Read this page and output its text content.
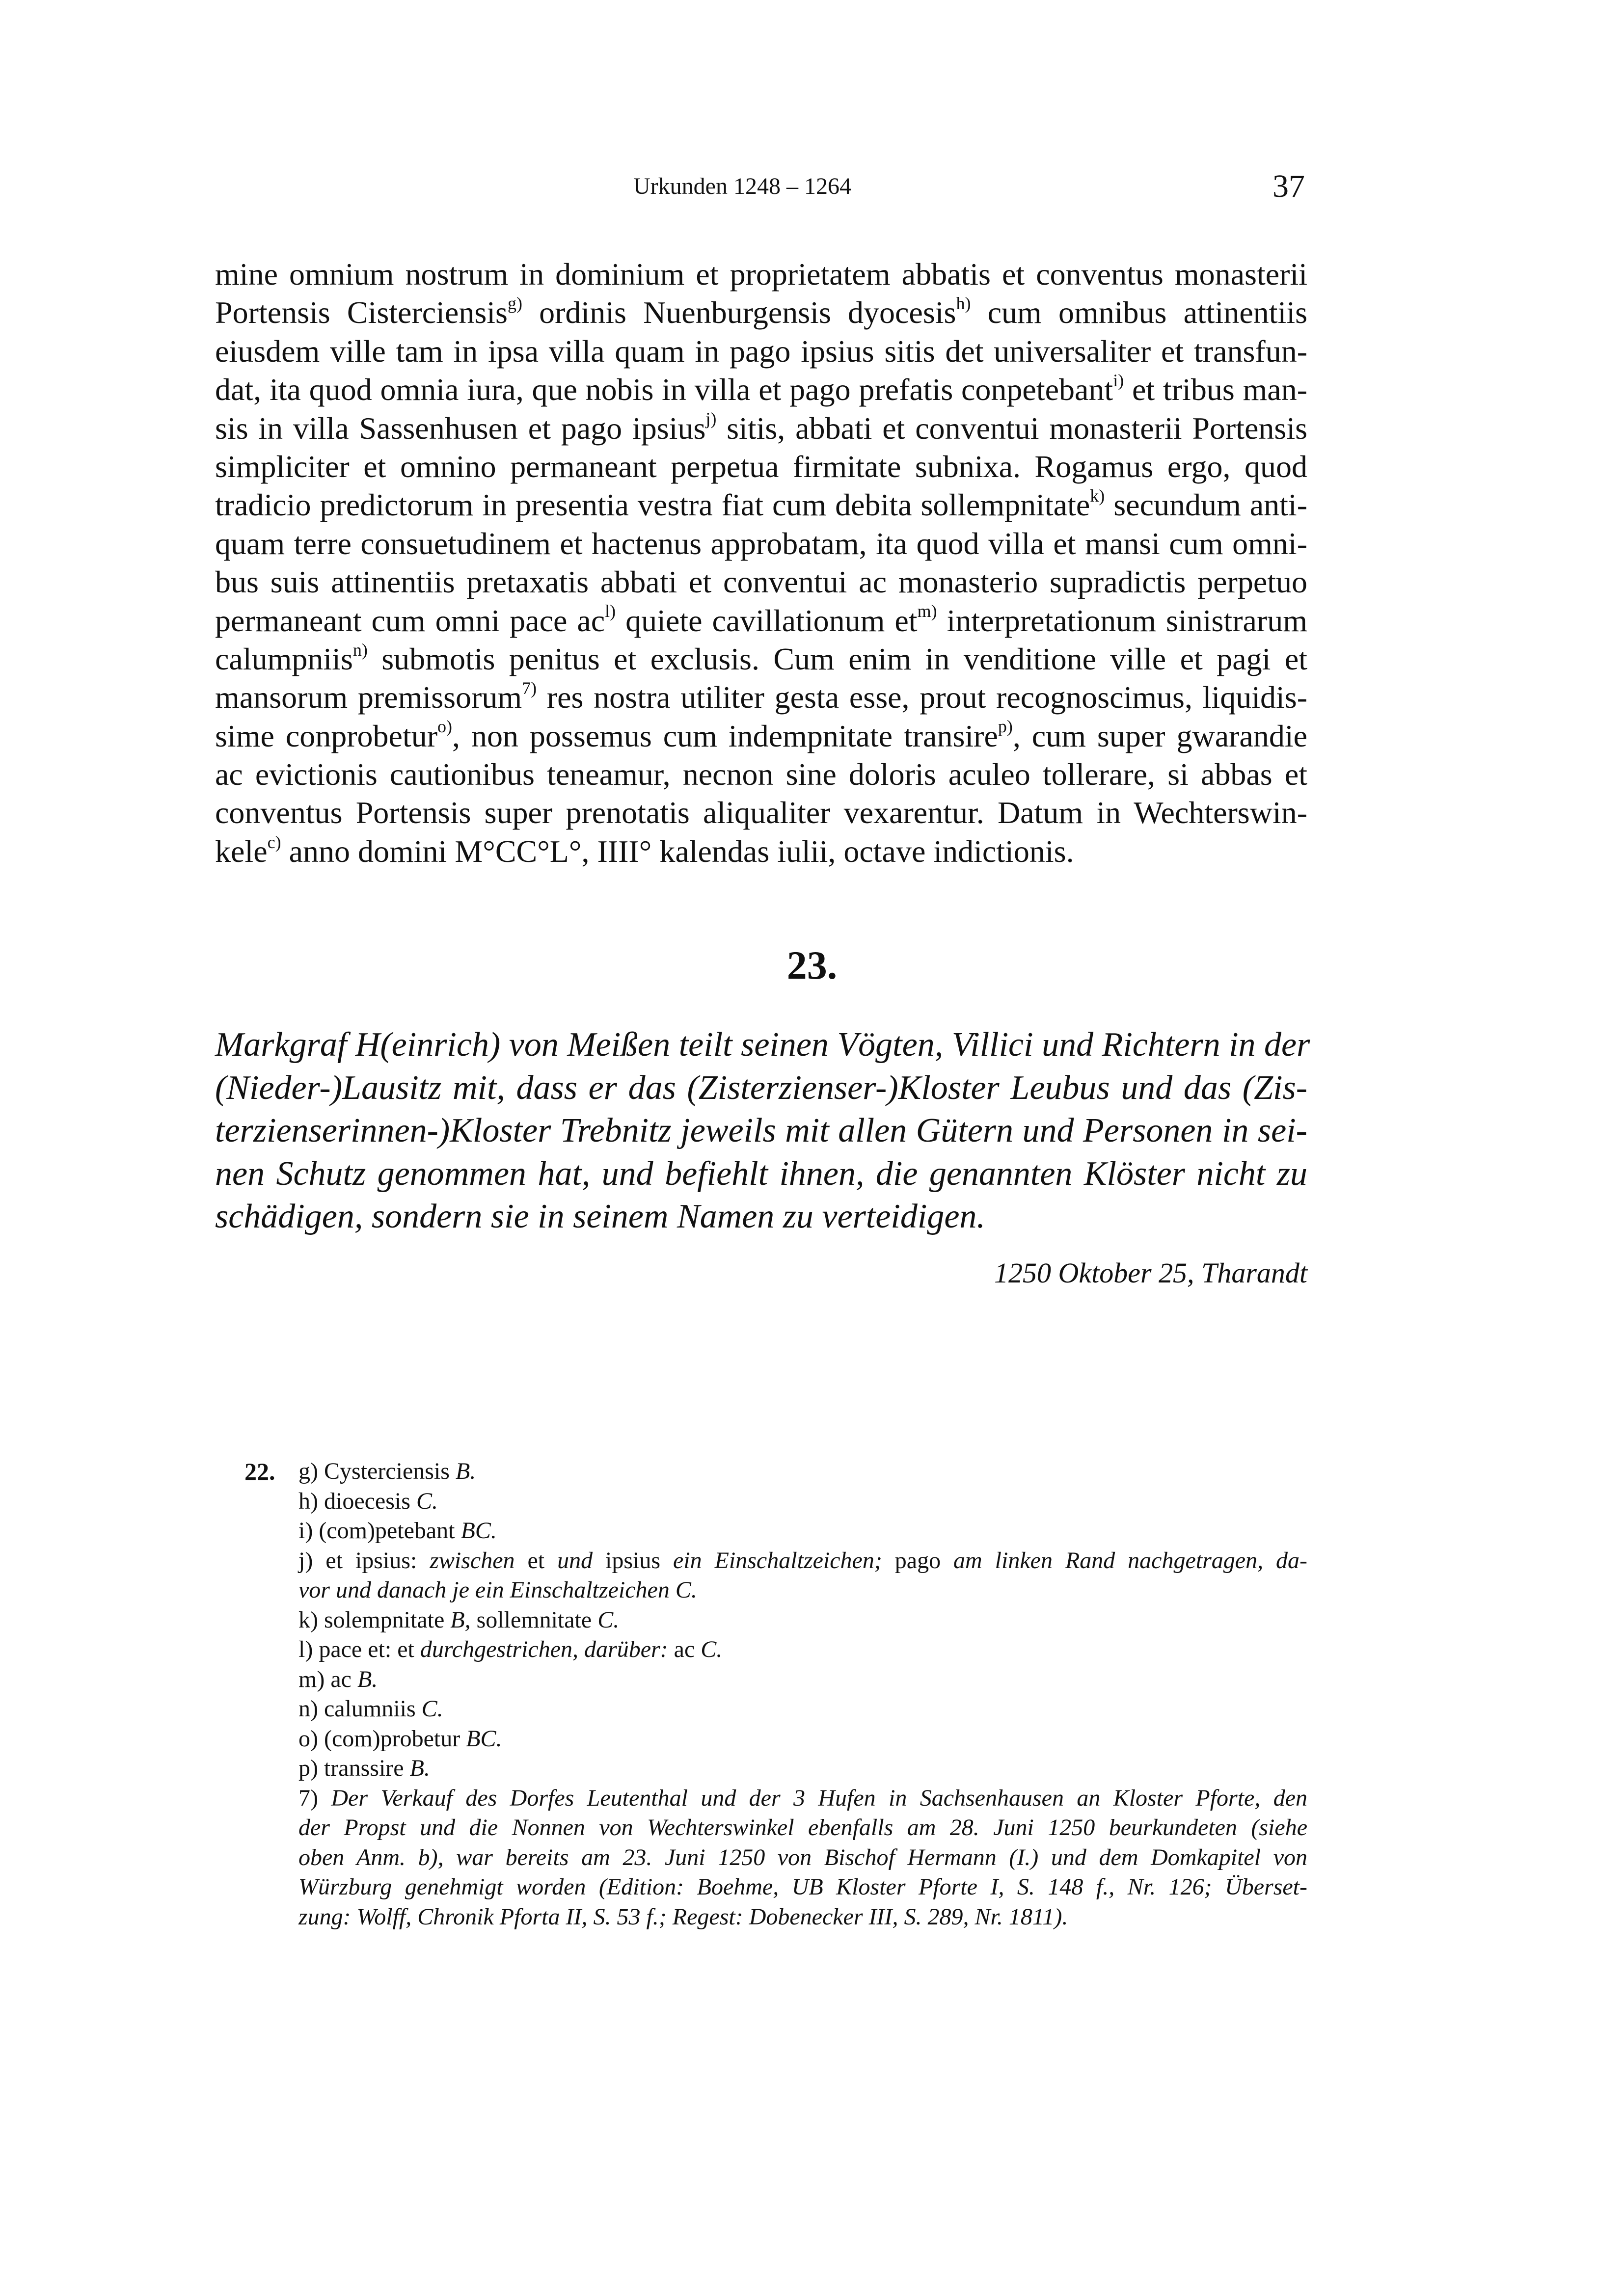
Urkunden 1248 – 1264	37
mine omnium nostrum in dominium et proprietatem abbatis et conventus monasterii
Portensis Cisterciensis$^{g)}$ ordinis Nuenburgensis dyocesis$^{h)}$ cum omnibus attinentiis
eiusdem ville tam in ipsa villa quam in pago ipsius sitis det universaliter et transfun-
dat, ita quod omnia iura, que nobis in villa et pago prefatis conpetebant$^{i)}$ et tribus man-
sis in villa Sassenhusen et pago ipsius$^{j)}$ sitis, abbati et conventui monasterii Portensis
simpliciter et omnino permaneant perpetua firmitate subnixa. Rogamus ergo, quod
tradicio predictorum in presentia vestra fiat cum debita sollempnitate$^{k)}$ secundum anti-
quam terre consuetudinem et hactenus approbatam, ita quod villa et mansi cum omni-
bus suis attinentiis pretaxatis abbati et conventui ac monasterio supradictis perpetuo
permaneant cum omni pace $ac^{l)}$ quiete cavillationum $et^{m)}$ interpretationum sinistrarum
calumpniis$^{n)}$ submotis penitus et exclusis. Cum enim in venditione ville et pagi et
mansorum premissorum$^{7)}$ res nostra utiliter gesta esse, prout recognoscimus, liquidis-
sime conprobetur$^{o)}$, non possemus cum indempnitate transire$^{p)}$, cum super gwarandie
ac evictionis cautionibus teneamur, necnon sine doloris aculeo tollerare, si abbas et
conventus Portensis super prenotatis aliqualiter vexarentur. Datum in Wechterswin-
kele$^{c)}$ anno domini M°CC°L°, IIII° kalendas iulii, octave indictionis.
23.
Markgraf H(einrich) von Meißen teilt seinen Vögten, Villici und Richtern in der
(Nieder-)Lausitz mit, dass er das (Zisterzienser-)Kloster Leubus und das (Zis-
terzienserinnen-)Kloster Trebnitz jeweils mit allen Gütern und Personen in sei-
nen Schutz genommen hat, und befiehlt ihnen, die genannten Klöster nicht zu
schädigen, sondern sie in seinem Namen zu verteidigen.
1250 Oktober 25, Tharandt
22. g) Cysterciensis B.
h) dioecesis C.
i) (com)petebant BC.
j) et ipsius: zwischen et und ipsius ein Einschaltzeichen; pago am linken Rand nachgetragen, da-
vor und danach je ein Einschaltzeichen C.
k) solempnitate B, sollemnitate C.
l) pace et: et durchgestrichen, darüber: ac C.
m) ac B.
n) calumniis C.
o) (com)probetur BC.
p) transsire B.
7) Der Verkauf des Dorfes Leutenthal und der 3 Hufen in Sachsenhausen an Kloster Pforte, den
der Propst und die Nonnen von Wechterswinkel ebenfalls am 28. Juni 1250 beurkundeten (siehe
oben Anm. b), war bereits am 23. Juni 1250 von Bischof Hermann (I.) und dem Domkapitel von
Würzburg genehmigt worden (Edition: Boehme, UB Kloster Pforte I, S. 148 f., Nr. 126; Überset-
zung: Wolff, Chronik Pforta II, S. 53 f.; Regest: Dobenecker III, S. 289, Nr. 1811).
